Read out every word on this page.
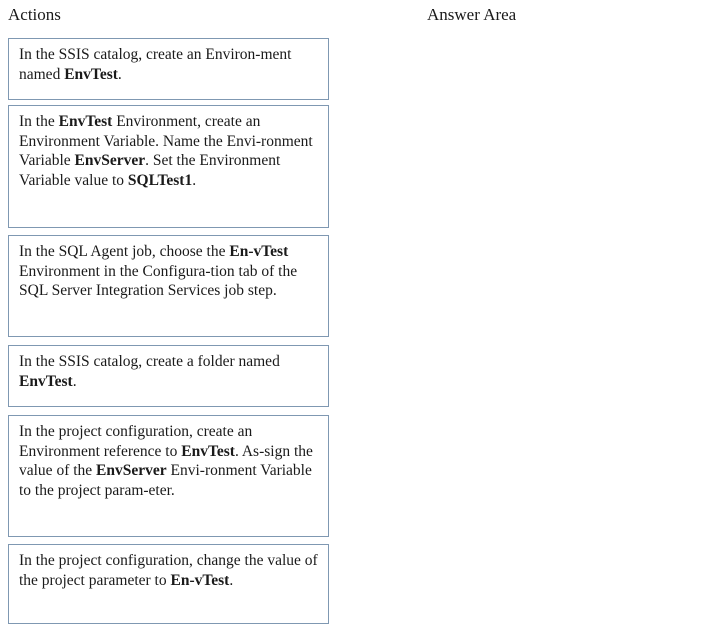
Actions	Answer Area
In the SSIS catalog, create an Environ-ment named EnvTest.
In the EnvTest Environment, create an Environment Variable. Name the Envi-ronment Variable EnvServer. Set the Environment Variable value to SQLTest1.
In the SQL Agent job, choose the En-vTest Environment in the Configura-tion tab of the SQL Server Integration Services job step.
In the SSIS catalog, create a folder named EnvTest.
In the project configuration, create an Environment reference to EnvTest. As-sign the value of the EnvServer Envi-ronment Variable to the project param-eter.
In the project configuration, change the value of the project parameter to En-vTest.
